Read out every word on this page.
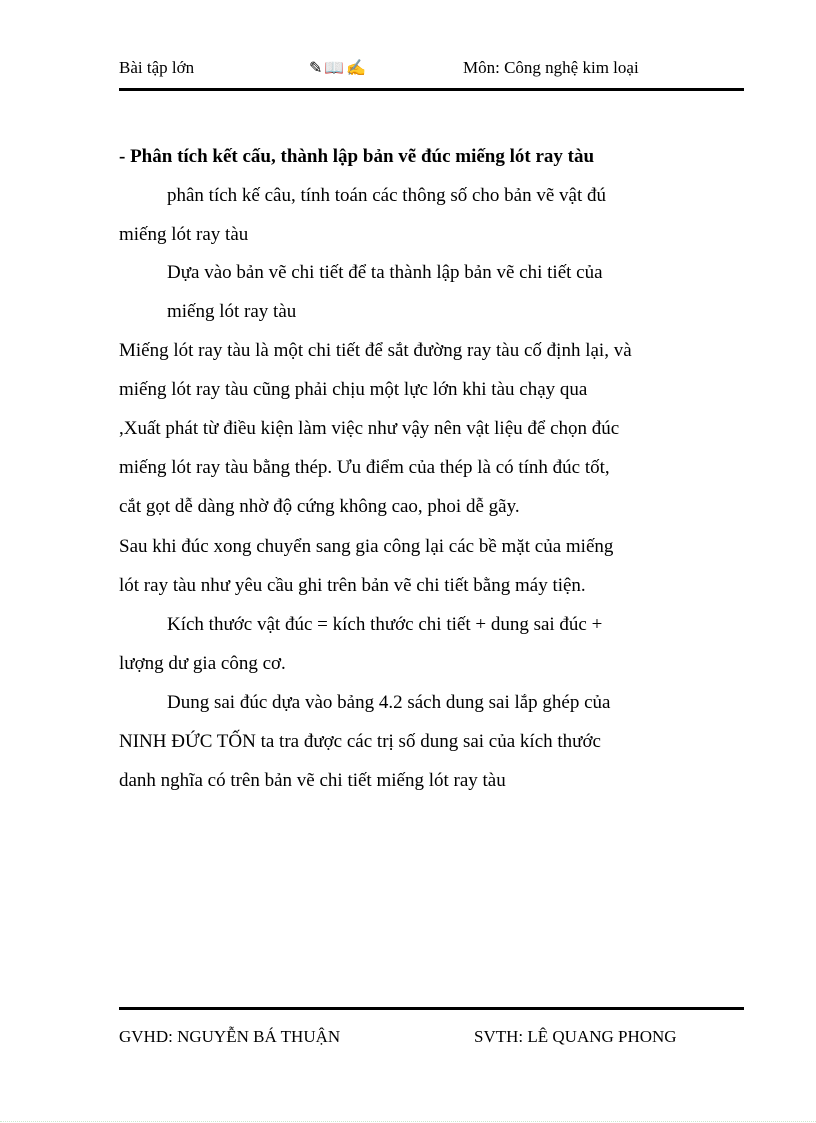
Bài tập lớn	✎📖✍	Môn: Công nghệ kim loại
- Phân tích kết cấu, thành lập bản vẽ đúc miếng lót ray tàu
phân tích kế câu, tính toán các thông số cho bản vẽ vật đú
miếng lót ray tàu
Dựa vào bản vẽ chi tiết để ta thành lập bản vẽ chi tiết của
miếng lót ray tàu
Miếng lót ray tàu là một chi tiết để sắt đường ray tàu cố định lại, và
miếng lót ray tàu cũng phải chịu một lực lớn khi tàu chạy qua
,Xuất phát từ điều kiện làm việc như vậy nên vật liệu để chọn đúc
miếng lót ray tàu bằng thép. Ưu điểm của thép là có tính đúc tốt,
cắt gọt dễ dàng nhờ độ cứng không cao, phoi dễ gãy.
Sau khi đúc xong chuyển sang gia công lại các bề mặt của miếng
lót ray tàu như yêu cầu ghi trên bản vẽ chi tiết bằng máy tiện.
Kích thước vật đúc = kích thước chi tiết + dung sai đúc +
lượng dư gia công cơ.
Dung sai đúc dựa vào bảng 4.2 sách dung sai lắp ghép của
NINH ĐỨC TỐN ta tra được các trị số dung sai của kích thước
danh nghĩa có trên bản vẽ chi tiết miếng lót ray tàu
GVHD: NGUYỄN BÁ THUẬN	SVTH: LÊ QUANG PHONG
